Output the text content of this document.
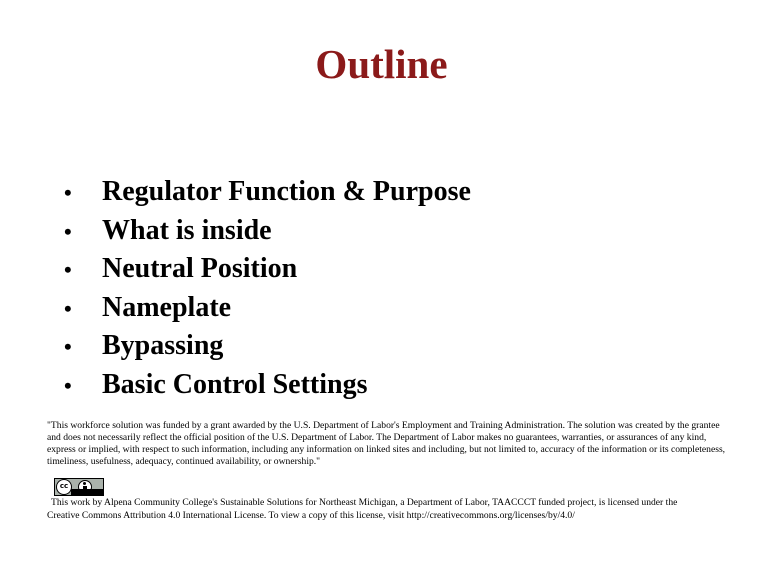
Outline
•	Regulator Function & Purpose
•	What is inside
•	Neutral Position
•	Nameplate
•	Bypassing
•	Basic Control Settings

"This workforce solution was funded by a grant awarded by the U.S. Department of Labor's Employment and Training Administration. The solution was created by the grantee and does not necessarily reflect the official position of the U.S. Department of Labor. The Department of Labor makes no guarantees, warranties, or assurances of any kind, express or implied, with respect to such information, including any information on linked sites and including, but not limited to, accuracy of the information or its completeness, timeliness, usefulness, adequacy, continued availability, or ownership."

cc

This work by Alpena Community College's Sustainable Solutions for Northeast Michigan, a Department of Labor, TAACCCT funded project, is licensed under the
Creative Commons Attribution 4.0 International License. To view a copy of this license, visit http://creativecommons.org/licenses/by/4.0/
